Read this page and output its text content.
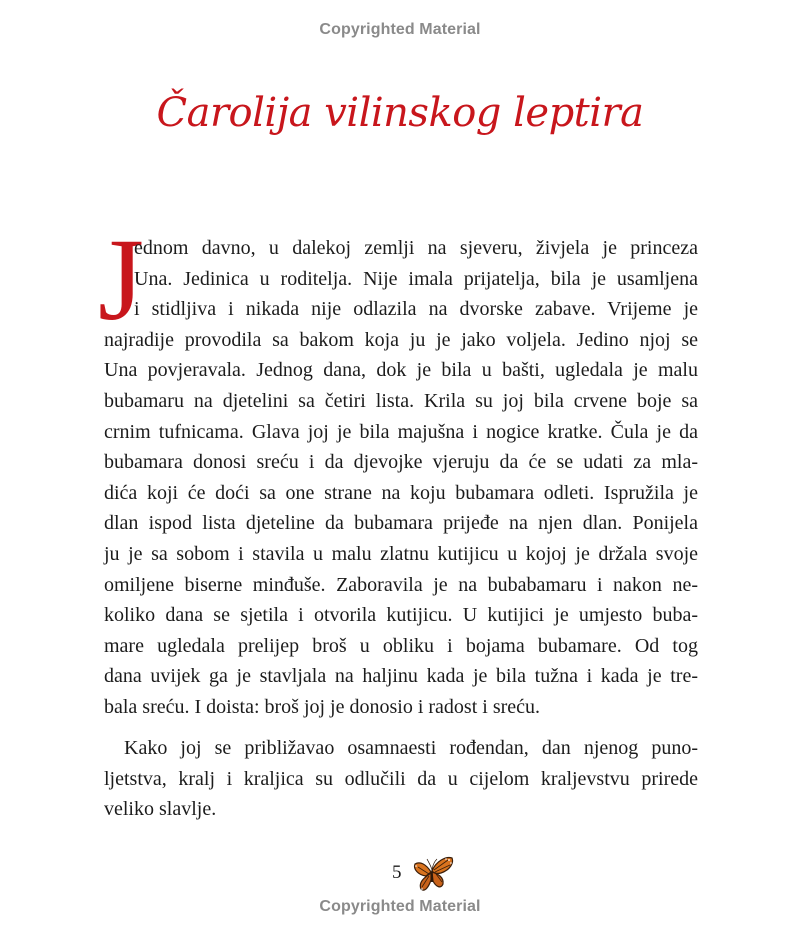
Copyrighted Material
Čarolija vilinskog leptira
J
ednom davno, u dalekoj zemlji na sjeveru, živjela je princeza
Una. Jedinica u roditelja. Nije imala prijatelja, bila je usamljena
i stidljiva i nikada nije odlazila na dvorske zabave. Vrijeme je
najradije provodila sa bakom koja ju je jako voljela. Jedino njoj se
Una povjeravala. Jednog dana, dok je bila u bašti, ugledala je malu
bubamaru na djetelini sa četiri lista. Krila su joj bila crvene boje sa
crnim tufnicama. Glava joj je bila majušna i nogice kratke. Čula je da
bubamara donosi sreću i da djevojke vjeruju da će se udati za mla-
dića koji će doći sa one strane na koju bubamara odleti. Ispružila je
dlan ispod lista djeteline da bubamara prijeđe na njen dlan. Ponijela
ju je sa sobom i stavila u malu zlatnu kutijicu u kojoj je držala svoje
omiljene biserne minđuše. Zaboravila je na bubabamaru i nakon ne-
koliko dana se sjetila i otvorila kutijicu. U kutijici je umjesto buba-
mare ugledala prelijep broš u obliku i bojama bubamare. Od tog
dana uvijek ga je stavljala na haljinu kada je bila tužna i kada je tre-
bala sreću. I doista: broš joj je donosio i radost i sreću.
Kako joj se približavao osamnaesti rođendan, dan njenog puno-
ljetstva, kralj i kraljica su odlučili da u cijelom kraljevstvu prirede
veliko slavlje.
5
Copyrighted Material
